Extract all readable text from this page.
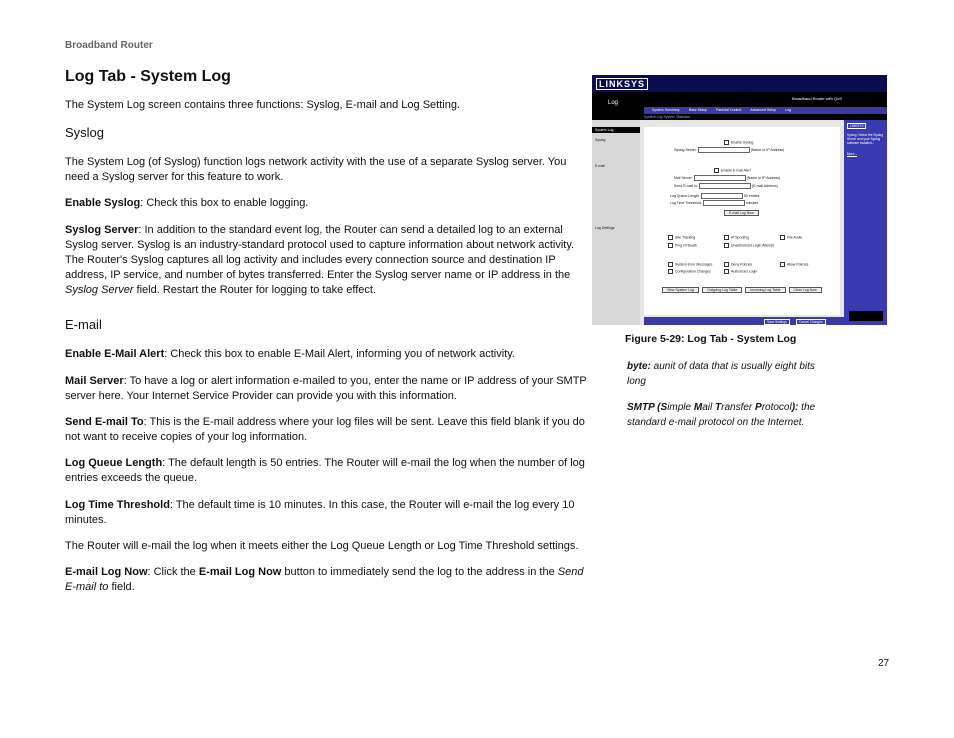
Broadband Router
Log Tab - System Log

The System Log screen contains three functions: Syslog, E-mail and Log Setting.

Syslog

The System Log (of Syslog) function logs network activity with the use of a separate Syslog server. You need a Syslog server for this feature to work.

Enable Syslog: Check this box to enable logging.

Syslog Server: In addition to the standard event log, the Router can send a detailed log to an external Syslog server. Syslog is an industry-standard protocol used to capture information about network activity. The Router's Syslog captures all log activity and includes every connection source and destination IP address, IP service, and number of bytes transferred. Enter the Syslog server name or IP address in the Syslog Server field. Restart the Router for logging to take effect.

E-mail

Enable E-Mail Alert: Check this box to enable E-Mail Alert, informing you of network activity.

Mail Server: To have a log or alert information e-mailed to you, enter the name or IP address of your SMTP server here. Your Internet Service Provider can provide you with this information.

Send E-mail To: This is the E-mail address where your log files will be sent. Leave this field blank if you do not want to receive copies of your log information.

Log Queue Length: The default length is 50 entries. The Router will e-mail the log when the number of log entries exceeds the queue.

Log Time Threshold: The default time is 10 minutes. In this case, the Router will e-mail the log every 10 minutes.

The Router will e-mail the log when it meets either the Log Queue Length or Log Time Threshold settings.

E-mail Log Now: Click the E-mail Log Now button to immediately send the log to the address in the Send E-mail to field.

LINKSYS
Log
Broadband Router with QoS
System Summary	Base Setup	Parental Control	Advanced Setup	Log
System Log System Statistics
System Log
Syslog
E-mail
Log Settings
Enable Syslog
Syslog Server:	(Name or IP Address)
Enable E-mail Alert
Mail Server:	(Name or IP Address)
Send E-mail to:	(E-mail Address)
Log Queue Length:	50 entries
Log Time Threshold:	minutes
E-mail Log Now
Site Tracking	IP Spoofing	File Audio
Ping Of Death	Unauthorized Login Attempt
System Error Messages	Deny Policies	Allow Policies
Configuration Changes	Authorized Login
View System Log	Outgoing Log Table	Incoming Log Table	Clear Log Now
LINKSYS
Syslog: Select the Syslog Server and your Syslog software installed...
More...
Save Settings	Cancel Changes
Figure 5-29: Log Tab - System Log

byte: aunit of data that is usually eight bits long

SMTP (Simple Mail Transfer Protocol): the standard e-mail protocol on the Internet.

27
